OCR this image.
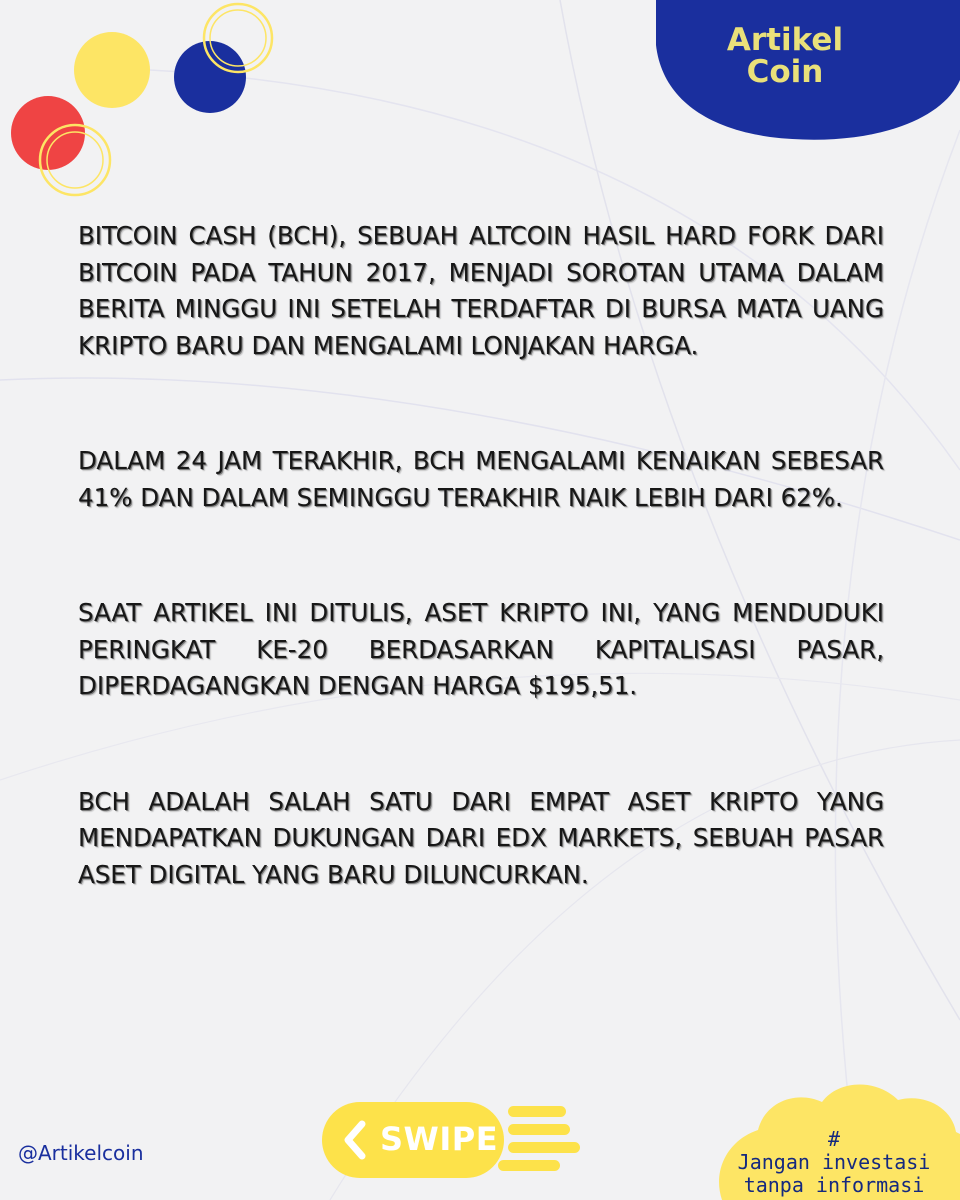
Artikel
Coin

BITCOIN CASH (BCH), SEBUAH ALTCOIN HASIL HARD FORK DARI BITCOIN PADA TAHUN 2017, MENJADI SOROTAN UTAMA DALAM BERITA MINGGU INI SETELAH TERDAFTAR DI BURSA MATA UANG KRIPTO BARU DAN MENGALAMI LONJAKAN HARGA.

DALAM 24 JAM TERAKHIR, BCH MENGALAMI KENAIKAN SEBESAR 41% DAN DALAM SEMINGGU TERAKHIR NAIK LEBIH DARI 62%.

SAAT ARTIKEL INI DITULIS, ASET KRIPTO INI, YANG MENDUDUKI PERINGKAT KE-20 BERDASARKAN KAPITALISASI PASAR, DIPERDAGANGKAN DENGAN HARGA $195,51.

BCH ADALAH SALAH SATU DARI EMPAT ASET KRIPTO YANG MENDAPATKAN DUKUNGAN DARI EDX MARKETS, SEBUAH PASAR ASET DIGITAL YANG BARU DILUNCURKAN.

@Artikelcoin	SWIPE	#
Jangan investasi
tanpa informasi
